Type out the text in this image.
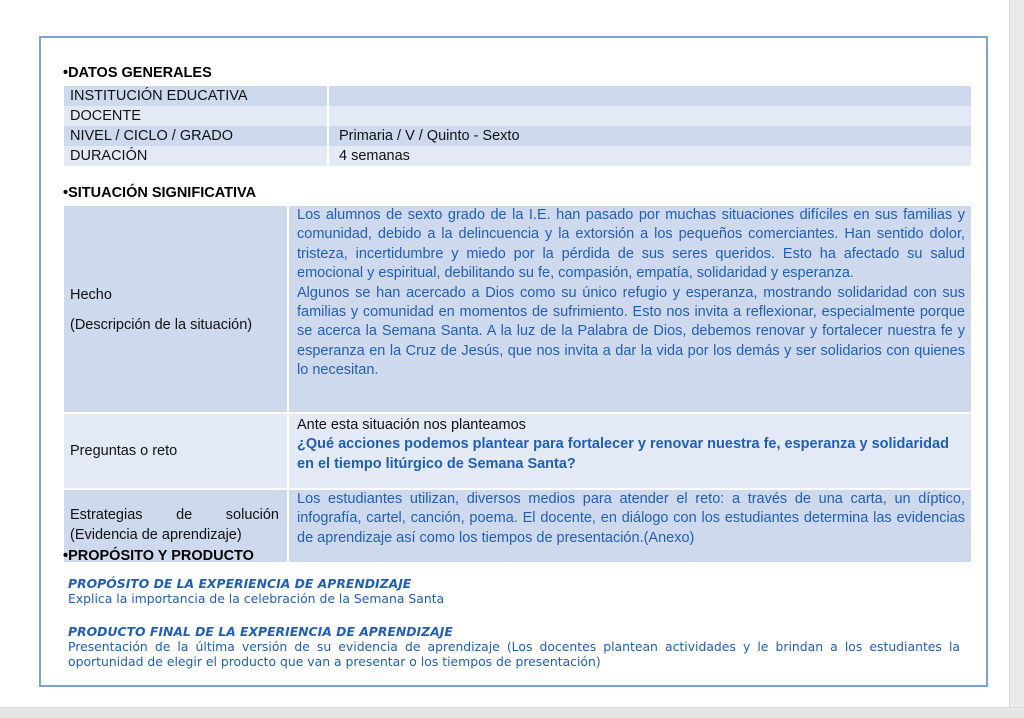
•DATOS GENERALES
INSTITUCIÓN EDUCATIVA
DOCENTE
NIVEL / CICLO / GRADO	Primaria / V / Quinto - Sexto
DURACIÓN	4 semanas
•SITUACIÓN SIGNIFICATIVA
Hecho
(Descripción de la situación)
Los alumnos de sexto grado de la I.E. han pasado por muchas situaciones difíciles en sus familias y comunidad, debido a la delincuencia y la extorsión a los pequeños comerciantes. Han sentido dolor, tristeza, incertidumbre y miedo por la pérdida de sus seres queridos. Esto ha afectado su salud emocional y espiritual, debilitando su fe, compasión, empatía, solidaridad y esperanza.
Algunos se han acercado a Dios como su único refugio y esperanza, mostrando solidaridad con sus familias y comunidad en momentos de sufrimiento. Esto nos invita a reflexionar, especialmente porque se acerca la Semana Santa. A la luz de la Palabra de Dios, debemos renovar y fortalecer nuestra fe y esperanza en la Cruz de Jesús, que nos invita a dar la vida por los demás y ser solidarios con quienes lo necesitan.
Preguntas o reto
Ante esta situación nos planteamos
¿Qué acciones podemos plantear para fortalecer y renovar nuestra fe, esperanza y solidaridad en el tiempo litúrgico de Semana Santa?
Estrategias de solución
(Evidencia de aprendizaje)
Los estudiantes utilizan, diversos medios para atender el reto: a través de una carta, un díptico, infografía, cartel, canción, poema. El docente, en diálogo con los estudiantes determina las evidencias de aprendizaje así como los tiempos de presentación.(Anexo)
•PROPÓSITO Y PRODUCTO

PROPÓSITO DE LA EXPERIENCIA DE APRENDIZAJE

Explica la importancia de la celebración de la Semana Santa

PRODUCTO FINAL DE LA EXPERIENCIA DE APRENDIZAJE

Presentación de la última versión de su evidencia de aprendizaje (Los docentes plantean actividades y le brindan a los estudiantes la oportunidad de elegir el producto que van a presentar o los tiempos de presentación)
